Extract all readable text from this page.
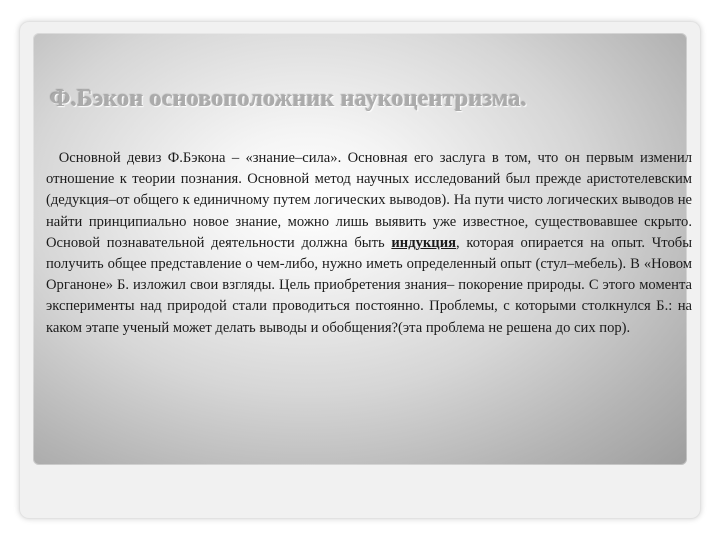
Ф.Бэкон основоположник наукоцентризма.

Основной девиз Ф.Бэкона – «знание–сила». Основная его заслуга в том, что он первым изменил отношение к теории познания. Основной метод научных исследований был прежде аристотелевским (дедукция–от общего к единичному путем логических выводов). На пути чисто логических выводов не найти принципиально новое знание, можно лишь выявить уже известное, существовавшее скрыто. Основой познавательной деятельности должна быть индукция, которая опирается на опыт. Чтобы получить общее представление о чем-либо, нужно иметь определенный опыт (стул–мебель). В «Новом Органоне» Б. изложил свои взгляды. Цель приобретения знания– покорение природы. С этого момента эксперименты над природой стали проводиться постоянно. Проблемы, с которыми столкнулся Б.: на каком этапе ученый может делать выводы и обобщения?(эта проблема не решена до сих пор).
